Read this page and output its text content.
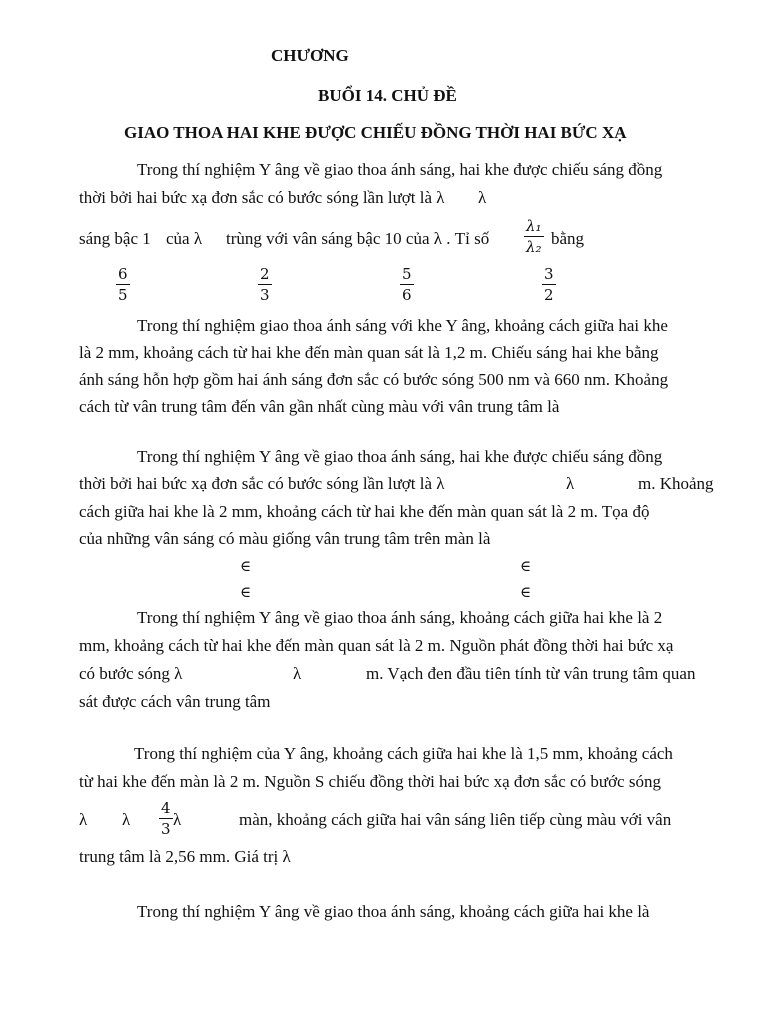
CHƯƠNG
BUỔI 14. CHỦ ĐỀ
GIAO THOA HAI KHE ĐƯỢC CHIẾU ĐỒNG THỜI HAI BỨC XẠ
Trong thí nghiệm Y âng về giao thoa ánh sáng, hai khe được chiếu sáng đồng
thời bởi hai bức xạ đơn sắc có bước sóng lần lượt là λ λ
sáng bậc 1 của λ trùng với vân sáng bậc 10 của λ . Tỉ số $\frac{\text{λ₁}}{\text{λ₂}}$ bằng
$\frac{6}{5}$	$\frac{2}{3}$	$\frac{5}{6}$	$\frac{3}{2}$
Trong thí nghiệm giao thoa ánh sáng với khe Y âng, khoảng cách giữa hai khe
là 2 mm, khoảng cách từ hai khe đến màn quan sát là 1,2 m. Chiếu sáng hai khe bằng
ánh sáng hỗn hợp gồm hai ánh sáng đơn sắc có bước sóng 500 nm và 660 nm. Khoảng
cách từ vân trung tâm đến vân gần nhất cùng màu với vân trung tâm là
Trong thí nghiệm Y âng về giao thoa ánh sáng, hai khe được chiếu sáng đồng
thời bởi hai bức xạ đơn sắc có bước sóng lần lượt là λ	λ	m. Khoảng
cách giữa hai khe là 2 mm, khoảng cách từ hai khe đến màn quan sát là 2 m. Tọa độ
của những vân sáng có màu giống vân trung tâm trên màn là
∈	∈
∈	∈
Trong thí nghiệm Y âng về giao thoa ánh sáng, khoảng cách giữa hai khe là 2
mm, khoảng cách từ hai khe đến màn quan sát là 2 m. Nguồn phát đồng thời hai bức xạ
có bước sóng λ	λ	m. Vạch đen đầu tiên tính từ vân trung tâm quan
sát được cách vân trung tâm
Trong thí nghiệm của Y âng, khoảng cách giữa hai khe là 1,5 mm, khoảng cách
từ hai khe đến màn là 2 m. Nguồn S chiếu đồng thời hai bức xạ đơn sắc có bước sóng
λ λ $\frac{4}{3}$ λ	màn, khoảng cách giữa hai vân sáng liên tiếp cùng màu với vân
trung tâm là 2,56 mm. Giá trị λ
Trong thí nghiệm Y âng về giao thoa ánh sáng, khoảng cách giữa hai khe là
